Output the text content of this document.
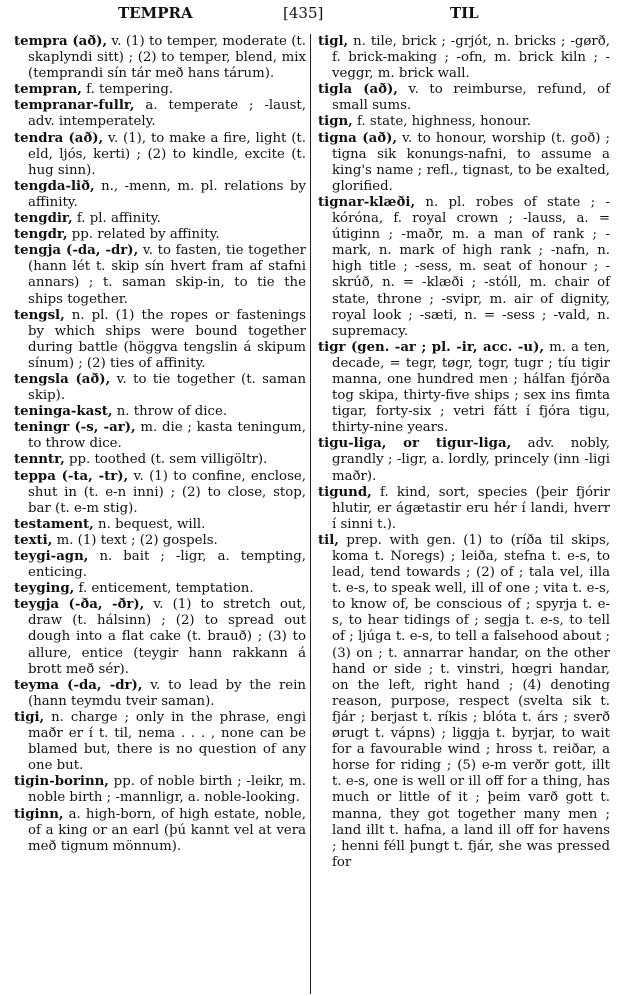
TEMPRA	[435]	TIL

tempra (að), v. (1) to temper, moderate (t. skaplyndi sitt) ; (2) to temper, blend, mix (temprandi sín tár með hans tárum).

tempran, f. tempering.

tempranar-fullr, a. temperate ; -laust, adv. intemperately.

tendra (að), v. (1), to make a fire, light (t. eld, ljós, kerti) ; (2) to kindle, excite (t. hug sinn).

tengda-lið, n., -menn, m. pl. relations by affinity.

tengdir, f. pl. affinity.

tengdr, pp. related by affinity.

tengja (-da, -dr), v. to fasten, tie together (hann lét t. skip sín hvert fram af stafni annars) ; t. saman skip-in, to tie the ships together.

tengsl, n. pl. (1) the ropes or fastenings by which ships were bound together during battle (höggva tengslin á skipum sínum) ; (2) ties of affinity.

tengsla (að), v. to tie together (t. saman skip).

teninga-kast, n. throw of dice.

teningr (-s, -ar), m. die ; kasta teningum, to throw dice.

tenntr, pp. toothed (t. sem villigöltr).

teppa (-ta, -tr), v. (1) to confine, enclose, shut in (t. e-n inni) ; (2) to close, stop, bar (t. e-m stig).

testament, n. bequest, will.

texti, m. (1) text ; (2) gospels.

teygi-agn, n. bait ; -ligr, a. tempting, enticing.

teyging, f. enticement, temptation.

teygja (-ða, -ðr), v. (1) to stretch out, draw (t. hálsinn) ; (2) to spread out dough into a flat cake (t. brauð) ; (3) to allure, entice (teygir hann rakkann á brott með sér).

teyma (-da, -dr), v. to lead by the rein (hann teymdu tveir saman).

tigi, n. charge ; only in the phrase, engi maðr er í t. til, nema . . . , none can be blamed but, there is no question of any one but.

tigin-borinn, pp. of noble birth ; -leikr, m. noble birth ; -mannligr, a. noble-looking.

tiginn, a. high-born, of high estate, noble, of a king or an earl (þú kannt vel at vera með tignum mönnum).

tigl, n. tile, brick ; -grjót, n. bricks ; -gørð, f. brick-making ; -ofn, m. brick kiln ; -veggr, m. brick wall.

tigla (að), v. to reimburse, refund, of small sums.

tign, f. state, highness, honour.

tigna (að), v. to honour, worship (t. goð) ; tigna sik konungs-nafni, to assume a king's name ; refl., tignast, to be exalted, glorified.

tignar-klæði, n. pl. robes of state ; -kóróna, f. royal crown ; -lauss, a. = útiginn ; -maðr, m. a man of rank ; -mark, n. mark of high rank ; -nafn, n. high title ; -sess, m. seat of honour ; -skrúð, n. = -klæði ; -stóll, m. chair of state, throne ; -svipr, m. air of dignity, royal look ; -sæti, n. = -sess ; -vald, n. supremacy.

tigr (gen. -ar ; pl. -ir, acc. -u), m. a ten, decade, = tegr, tøgr, togr, tugr ; tíu tigir manna, one hundred men ; hálfan fjórða tog skipa, thirty-five ships ; sex ins fimta tigar, forty-six ; vetri fátt í fjóra tigu, thirty-nine years.

tigu-liga, or tigur-liga, adv. nobly, grandly ; -ligr, a. lordly, princely (inn -ligi maðr).

tigund, f. kind, sort, species (þeir fjórir hlutir, er ágætastir eru hér í landi, hverr í sinni t.).

til, prep. with gen. (1) to (ríða til skips, koma t. Noregs) ; leiða, stefna t. e-s, to lead, tend towards ; (2) of ; tala vel, illa t. e-s, to speak well, ill of one ; vita t. e-s, to know of, be conscious of ; spyrja t. e-s, to hear tidings of ; segja t. e-s, to tell of ; ljúga t. e-s, to tell a falsehood about ; (3) on ; t. annarrar handar, on the other hand or side ; t. vinstri, hœgri handar, on the left, right hand ; (4) denoting reason, purpose, respect (svelta sik t. fjár ; berjast t. ríkis ; blóta t. árs ; sverð ørugt t. vápns) ; liggja t. byrjar, to wait for a favourable wind ; hross t. reiðar, a horse for riding ; (5) e-m verðr gott, illt t. e-s, one is well or ill off for a thing, has much or little of it ; þeim varð gott t. manna, they got together many men ; land illt t. hafna, a land ill off for havens ; henni féll þungt t. fjár, she was pressed for
